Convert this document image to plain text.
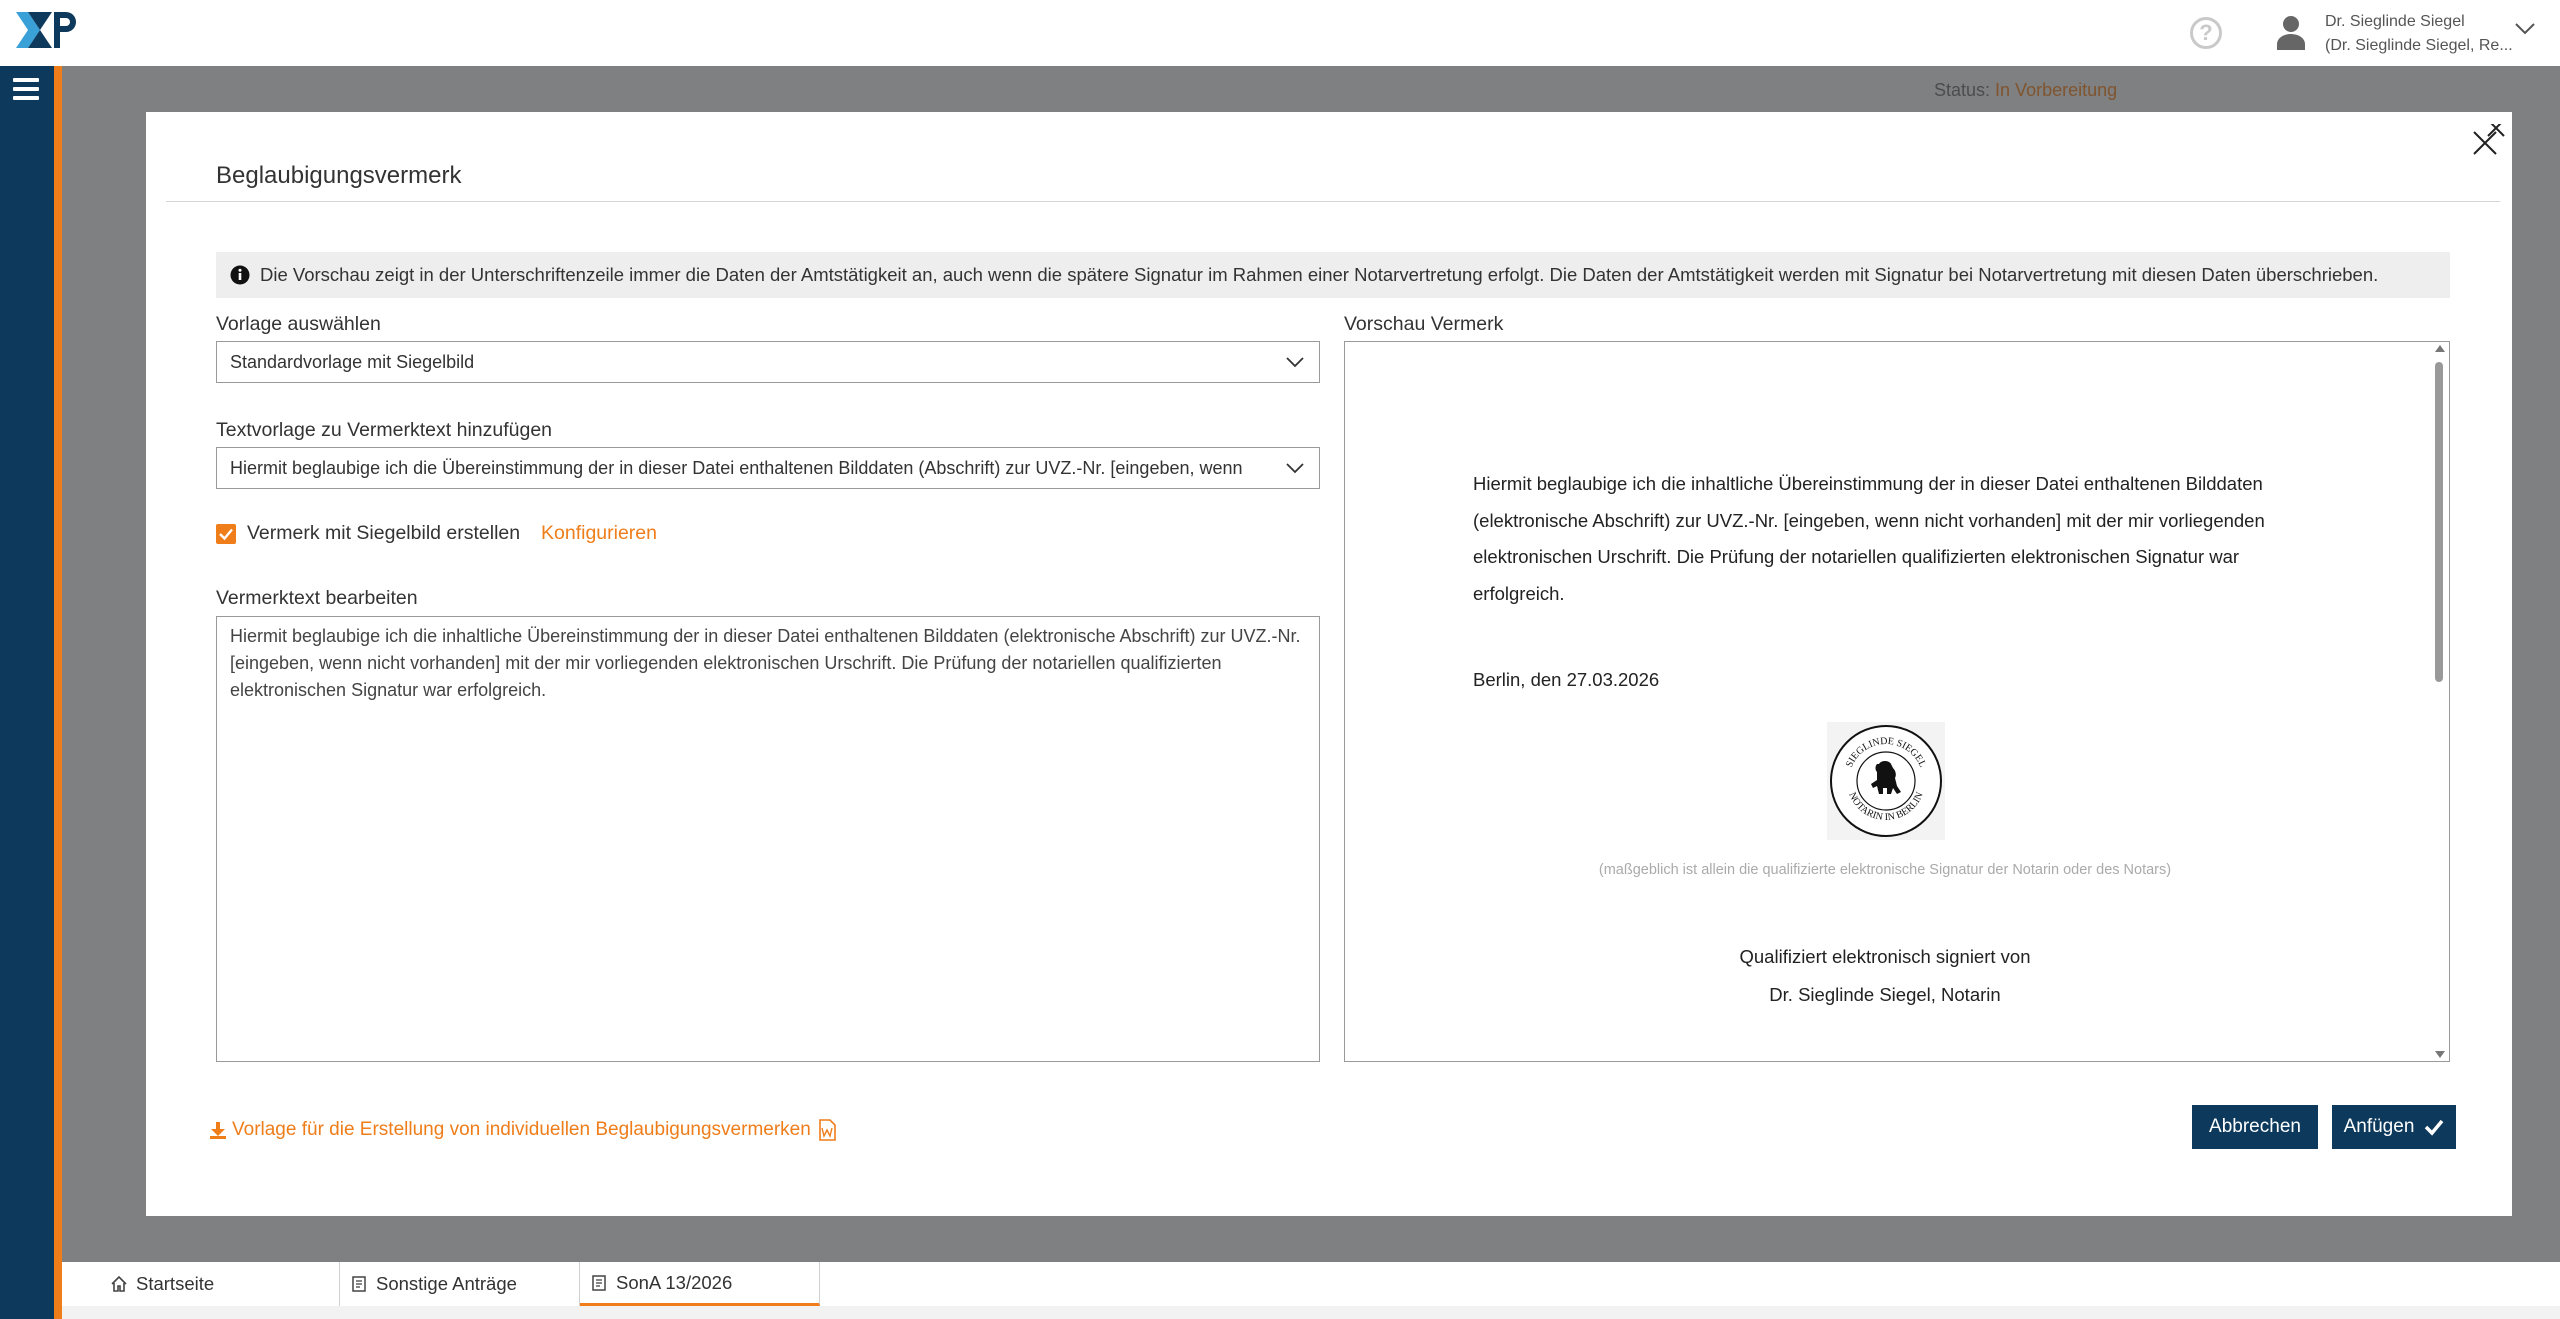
?	Dr. Sieglinde Siegel
(Dr. Sieglinde Siegel, Re...
Beglaubigungsvermerk
Die Vorschau zeigt in der Unterschriftenzeile immer die Daten der Amtstätigkeit an, auch wenn die spätere Signatur im Rahmen einer Notarvertretung erfolgt. Die Daten der Amtstätigkeit werden mit Signatur bei Notarvertretung mit diesen Daten überschrieben.
Vorlage auswählen
Standardvorlage mit Siegelbild
Textvorlage zu Vermerktext hinzufügen
Hiermit beglaubige ich die Übereinstimmung der in dieser Datei enthaltenen Bilddaten (Abschrift) zur UVZ.-Nr. [eingeben, wenn
Vermerk mit Siegelbild erstellen Konfigurieren
Vermerktext bearbeiten
Hiermit beglaubige ich die inhaltliche Übereinstimmung der in dieser Datei enthaltenen Bilddaten (elektronische Abschrift) zur UVZ.-Nr. [eingeben, wenn nicht vorhanden] mit der mir vorliegenden elektronischen Urschrift. Die Prüfung der notariellen qualifizierten elektronischen Signatur war erfolgreich.
Vorschau Vermerk
Hiermit beglaubige ich die inhaltliche Übereinstimmung der in dieser Datei enthaltenen Bilddaten (elektronische Abschrift) zur UVZ.-Nr. [eingeben, wenn nicht vorhanden] mit der mir vorliegenden elektronischen Urschrift. Die Prüfung der notariellen qualifizierten elektronischen Signatur war erfolgreich.
Berlin, den 27.03.2026
SIEGLINDE SIEGEL
NOTARIN IN BERLIN
(maßgeblich ist allein die qualifizierte elektronische Signatur der Notarin oder des Notars)
Qualifiziert elektronisch signiert von
Dr. Sieglinde Siegel, Notarin
Vorlage für die Erstellung von individuellen Beglaubigungsvermerken	Abbrechen	Anfügen
Startseite	Sonstige Anträge	SonA 13/2026
